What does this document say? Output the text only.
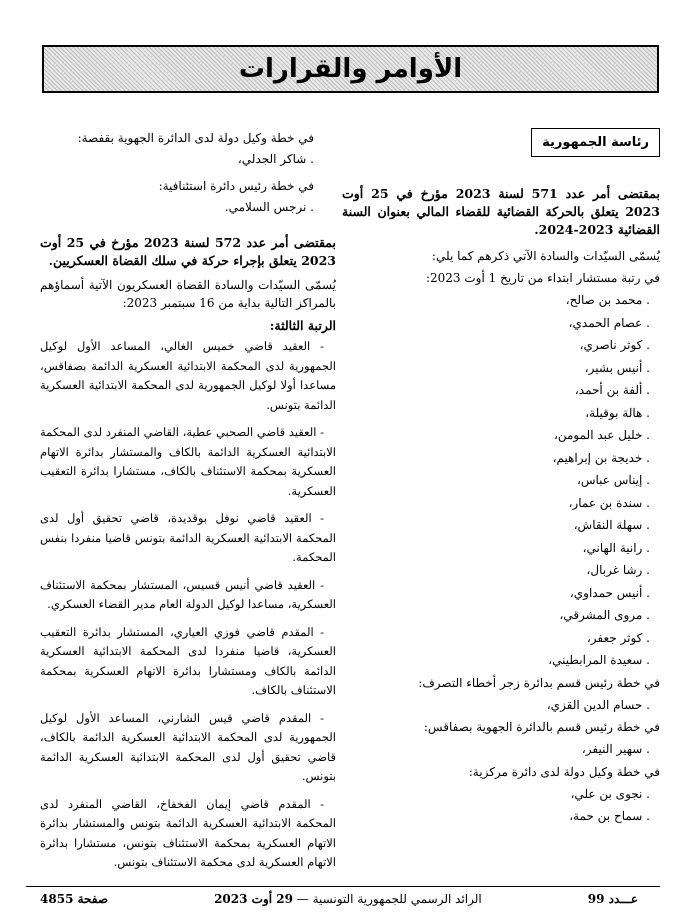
الأوامر والقرارات
رئاسة الجمهورية

بمقتضى أمر عدد 571 لسنة 2023 مؤرخ في 25 أوت 2023 يتعلق بالحركة القضائية للقضاء المالي بعنوان السنة القضائية 2023-2024.

يُسمّى السيّدات والسادة الآتي ذكرهم كما يلي:

في رتبة مستشار ابتداء من تاريخ 1 أوت 2023:

. محمد بن صالح،

. عصام الحمدي،

. كوثر ناصري،

. أنيس بشير،

. ألفة بن أحمد،

. هالة بوقيلة،

. خليل عبد المومن،

. خديجة بن إبراهيم،

. إيناس عباس،

. سندة بن عمار،

. سهلة النقاش،

. رانية الهاني،

. رشا غربال،

. أنيس حمداوي،

. مروى المشرقي،

. كوثر جعفر،

. سعيدة المرابطيني،

في خطة رئيس قسم بدائرة زجر أخطاء التصرف:

. حسام الدين القزي،

في خطة رئيس قسم بالدائرة الجهوية بصفاقس:

. سهير النيفر،

في خطة وكيل دولة لدى دائرة مركزية:

. نجوى بن علي،

. سماح بن حمة،

في خطة وكيل دولة لدى الدائرة الجهوية بقفصة:

. شاكر الجدلي،

في خطة رئيس دائرة استئنافية:

. نرجس السلامي.

بمقتضى أمر عدد 572 لسنة 2023 مؤرخ في 25 أوت 2023 يتعلق بإجراء حركة في سلك القضاة العسكريين.

يُسمّى السيّدات والسادة القضاة العسكريون الآتية أسماؤهم بالمراكز التالية بداية من 16 سبتمبر 2023:

الرتبة الثالثة:

- العقيد قاضي خميس الغالي، المساعد الأول لوكيل الجمهورية لدى المحكمة الابتدائية العسكرية الدائمة بصفاقس، مساعدا أولا لوكيل الجمهورية لدى المحكمة الابتدائية العسكرية الدائمة بتونس.

- العقيد قاضي الصحبي عطية، القاضي المنفرد لدى المحكمة الابتدائية العسكرية الدائمة بالكاف والمستشار بدائرة الاتهام العسكرية بمحكمة الاستئناف بالكاف، مستشارا بدائرة التعقيب العسكرية.

- العقيد قاضي نوفل بوقديدة، قاضي تحقيق أول لدى المحكمة الابتدائية العسكرية الدائمة بتونس قاضيا منفردا بنفس المحكمة.

- العقيد قاضي أنيس قسيس، المستشار بمحكمة الاستئناف العسكرية، مساعدا لوكيل الدولة العام مدير القضاء العسكري.

- المقدم قاضي فوزي العياري، المستشار بدائرة التعقيب العسكرية، قاضيا منفردا لدى المحكمة الابتدائية العسكرية الدائمة بالكاف ومستشارا بدائرة الاتهام العسكرية بمحكمة الاستئناف بالكاف.

- المقدم قاضي قيس الشارني، المساعد الأول لوكيل الجمهورية لدى المحكمة الابتدائية العسكرية الدائمة بالكاف، قاضي تحقيق أول لدى المحكمة الابتدائية العسكرية الدائمة بتونس.

- المقدم قاضي إيمان الفخفاخ، القاضي المنفرد لدى المحكمة الابتدائية العسكرية الدائمة بتونس والمستشار بدائرة الاتهام العسكرية بمحكمة الاستئناف بتونس، مستشارا بدائرة الاتهام العسكرية لدى محكمة الاستئناف بتونس.

عـــدد 99
الرائد الرسمي للجمهورية التونسية — 29 أوت 2023
صفحة 4855
